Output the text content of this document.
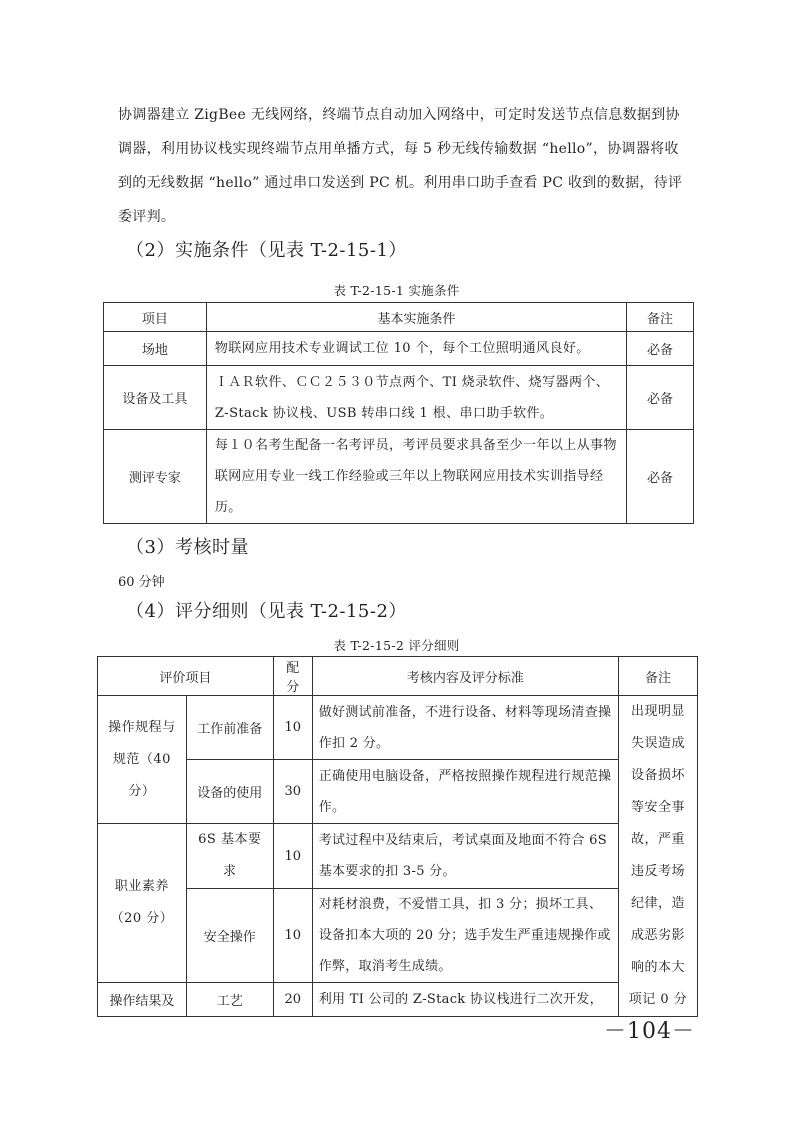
协调器建立 ZigBee 无线网络，终端节点自动加入网络中，可定时发送节点信息数据到协调器，利用协议栈实现终端节点用单播方式，每 5 秒无线传输数据 “hello”，协调器将收到的无线数据 “hello” 通过串口发送到 PC 机。利用串口助手查看 PC 收到的数据，待评委评判。

（2）实施条件（见表 T-2-15-1）
表 T-2-15-1 实施条件
项目	基本实施条件	备注
场地	物联网应用技术专业调试工位 10 个，每个工位照明通风良好。	必备
设备及工具	ＩＡＲ软件、ＣＣ２５３０节点两个、TI 烧录软件、烧写器两个、Z-Stack 协议栈、USB 转串口线 1 根、串口助手软件。	必备
测评专家	每１０名考生配备一名考评员，考评员要求具备至少一年以上从事物联网应用专业一线工作经验或三年以上物联网应用技术实训指导经历。	必备
（3）考核时量
60 分钟
（4）评分细则（见表 T-2-15-2）
表 T-2-15-2 评分细则
评价项目		配分	考核内容及评分标准	备注
操作规程与规范（40 分）	工作前准备	10	做好测试前准备，不进行设备、材料等现场清查操作扣 2 分。	出现明显失误造成设备损坏等安全事故，严重违反考场纪律，造成恶劣影响的本大项记 0 分
	设备的使用	30	正确使用电脑设备，严格按照操作规程进行规范操作。	
职业素养（20 分）	6S 基本要求	10	考试过程中及结束后，考试桌面及地面不符合 6S 基本要求的扣 3-5 分。	
	安全操作	10	对耗材浪费，不爱惜工具，扣 3 分；损坏工具、设备扣本大项的 20 分；选手发生严重违规操作或作弊，取消考生成绩。	
操作结果及	工艺	20	利用 TI 公司的 Z-Stack 协议栈进行二次开发，	
－104－
